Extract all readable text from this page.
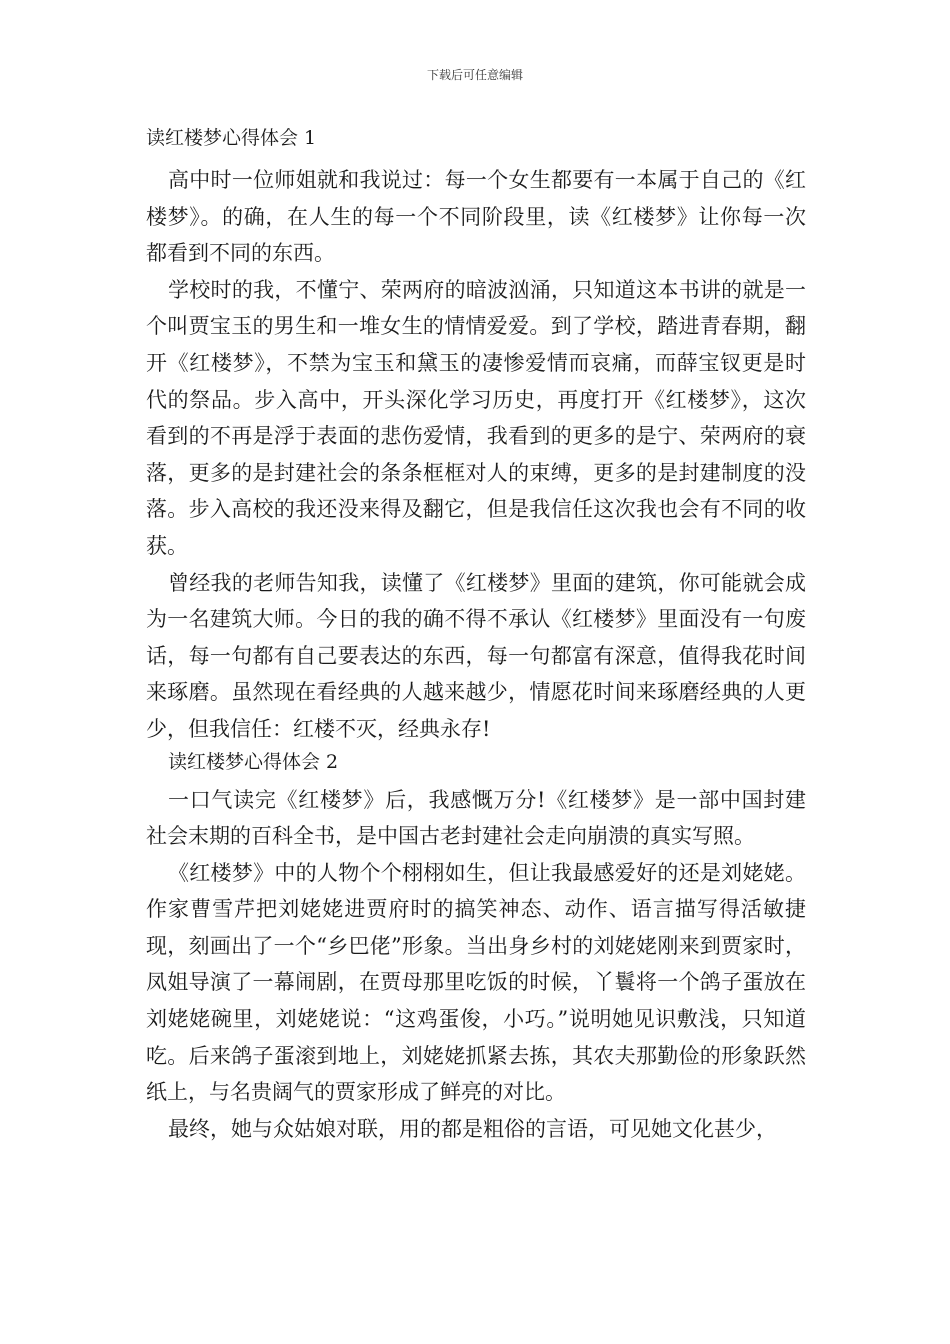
下载后可任意编辑
读红楼梦心得体会 1

高中时一位师姐就和我说过：每一个女生都要有一本属于自己的《红楼梦》。的确，在人生的每一个不同阶段里，读《红楼梦》让你每一次都看到不同的东西。

学校时的我，不懂宁、荣两府的暗波汹涌，只知道这本书讲的就是一个叫贾宝玉的男生和一堆女生的情情爱爱。到了学校，踏进青春期，翻开《红楼梦》，不禁为宝玉和黛玉的凄惨爱情而哀痛，而薛宝钗更是时代的祭品。步入高中，开头深化学习历史，再度打开《红楼梦》，这次看到的不再是浮于表面的悲伤爱情，我看到的更多的是宁、荣两府的衰落，更多的是封建社会的条条框框对人的束缚，更多的是封建制度的没落。步入高校的我还没来得及翻它，但是我信任这次我也会有不同的收获。

曾经我的老师告知我，读懂了《红楼梦》里面的建筑，你可能就会成为一名建筑大师。今日的我的确不得不承认《红楼梦》里面没有一句废话，每一句都有自己要表达的东西，每一句都富有深意，值得我花时间来琢磨。虽然现在看经典的人越来越少，情愿花时间来琢磨经典的人更少，但我信任：红楼不灭，经典永存!

读红楼梦心得体会 2

一口气读完《红楼梦》后，我感慨万分!《红楼梦》是一部中国封建社会末期的百科全书，是中国古老封建社会走向崩溃的真实写照。

《红楼梦》中的人物个个栩栩如生，但让我最感爱好的还是刘姥姥。作家曹雪芹把刘姥姥进贾府时的搞笑神态、动作、语言描写得活敏捷现，刻画出了一个“乡巴佬”形象。当出身乡村的刘姥姥刚来到贾家时，凤姐导演了一幕闹剧，在贾母那里吃饭的时候，丫鬟将一个鸽子蛋放在刘姥姥碗里，刘姥姥说：“这鸡蛋俊，小巧。”说明她见识敷浅，只知道吃。后来鸽子蛋滚到地上，刘姥姥抓紧去拣，其农夫那勤俭的形象跃然纸上，与名贵阔气的贾家形成了鲜亮的对比。

最终，她与众姑娘对联，用的都是粗俗的言语，可见她文化甚少，
